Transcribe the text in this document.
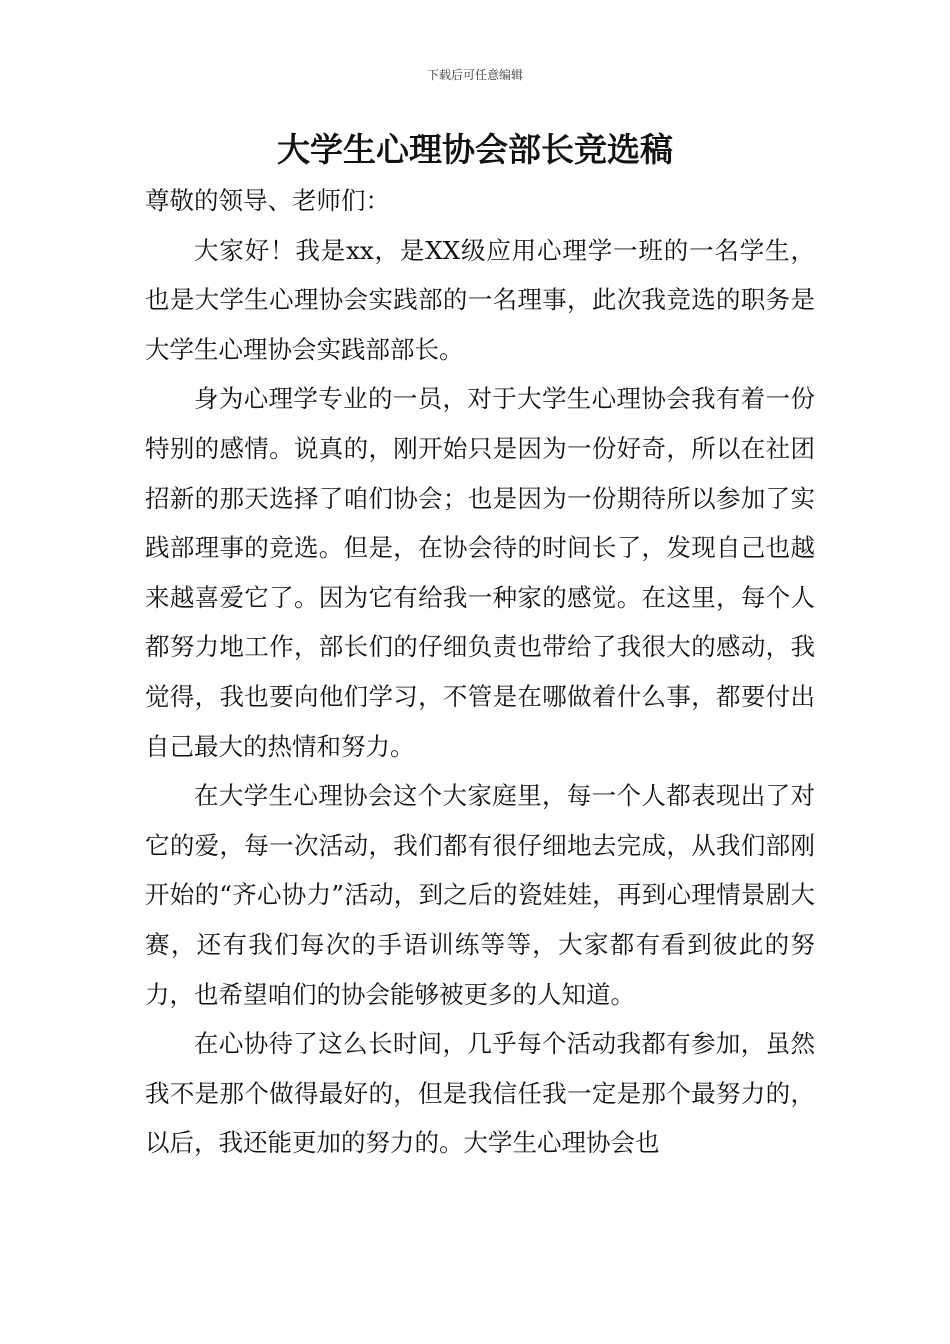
下载后可任意编辑
大学生心理协会部长竞选稿

尊敬的领导、老师们：

大家好！我是xx，是XX级应用心理学一班的一名学生，也是大学生心理协会实践部的一名理事，此次我竞选的职务是大学生心理协会实践部部长。

身为心理学专业的一员，对于大学生心理协会我有着一份特别的感情。说真的，刚开始只是因为一份好奇，所以在社团招新的那天选择了咱们协会；也是因为一份期待所以参加了实践部理事的竞选。但是，在协会待的时间长了，发现自己也越来越喜爱它了。因为它有给我一种家的感觉。在这里，每个人都努力地工作，部长们的仔细负责也带给了我很大的感动，我觉得，我也要向他们学习，不管是在哪做着什么事，都要付出自己最大的热情和努力。

在大学生心理协会这个大家庭里，每一个人都表现出了对它的爱，每一次活动，我们都有很仔细地去完成，从我们部刚开始的“齐心协力”活动，到之后的瓷娃娃，再到心理情景剧大赛，还有我们每次的手语训练等等，大家都有看到彼此的努力，也希望咱们的协会能够被更多的人知道。

在心协待了这么长时间，几乎每个活动我都有参加，虽然我不是那个做得最好的，但是我信任我一定是那个最努力的，以后，我还能更加的努力的。大学生心理协会也
